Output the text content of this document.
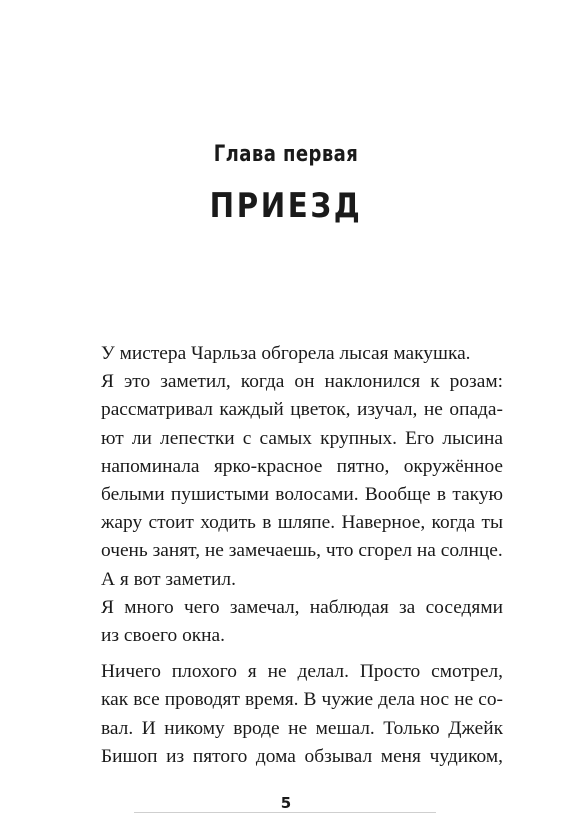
Глава первая
ПРИЕЗД

У мистера Чарльза обгорела лысая макушка.

Я это заметил, когда он наклонился к розам:
рассматривал каждый цветок, изучал, не опада-
ют ли лепестки с самых крупных. Его лысина
напоминала ярко-красное пятно, окружённое
белыми пушистыми волосами. Вообще в такую
жару стоит ходить в шляпе. Наверное, когда ты
очень занят, не замечаешь, что сгорел на солнце.

А я вот заметил.

Я много чего замечал, наблюдая за соседями
из своего окна.

Ничего плохого я не делал. Просто смотрел,
как все проводят время. В чужие дела нос не со-
вал. И никому вроде не мешал. Только Джейк
Бишоп из пятого дома обзывал меня чудиком,

5
